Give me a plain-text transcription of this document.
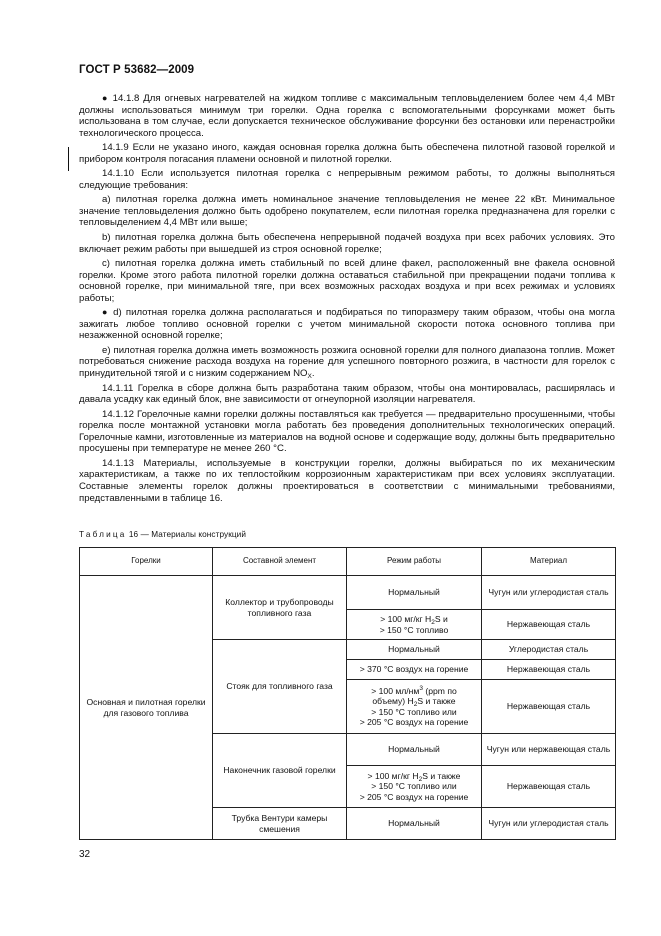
ГОСТ Р 53682—2009

● 14.1.8 Для огневых нагревателей на жидком топливе с максимальным тепловыделением более чем 4,4 МВт должны использоваться минимум три горелки. Одна горелка с вспомогательными форсунками может быть использована в том случае, если допускается техническое обслуживание форсунки без остановки или перенастройки технологического процесса.

14.1.9 Если не указано иного, каждая основная горелка должна быть обеспечена пилотной газовой горелкой и прибором контроля погасания пламени основной и пилотной горелки.

14.1.10 Если используется пилотная горелка с непрерывным режимом работы, то должны выполняться следующие требования:

a) пилотная горелка должна иметь номинальное значение тепловыделения не менее 22 кВт. Минимальное значение тепловыделения должно быть одобрено покупателем, если пилотная горелка предназначена для горелки с тепловыделением 4,4 МВт или выше;

b) пилотная горелка должна быть обеспечена непрерывной подачей воздуха при всех рабочих условиях. Это включает режим работы при вышедшей из строя основной горелке;

c) пилотная горелка должна иметь стабильный по всей длине факел, расположенный вне факела основной горелки. Кроме этого работа пилотной горелки должна оставаться стабильной при прекращении подачи топлива к основной горелке, при минимальной тяге, при всех возможных расходах воздуха и при всех режимах и условиях работы;

● d) пилотная горелка должна располагаться и подбираться по типоразмеру таким образом, чтобы она могла зажигать любое топливо основной горелки с учетом минимальной скорости потока основного топлива при незажженной основной горелке;

e) пилотная горелка должна иметь возможность розжига основной горелки для полного диапазона топлив. Может потребоваться снижение расхода воздуха на горение для успешного повторного розжига, в частности для горелок с принудительной тягой и с низким содержанием $NO_X$.

14.1.11 Горелка в сборе должна быть разработана таким образом, чтобы она монтировалась, расширялась и давала усадку как единый блок, вне зависимости от огнеупорной изоляции нагревателя.

14.1.12 Горелочные камни горелки должны поставляться как требуется — предварительно просушенными, чтобы горелка после монтажной установки могла работать без проведения дополнительных технологических операций. Горелочные камни, изготовленные из материалов на водной основе и содержащие воду, должны быть предварительно просушены при температуре не менее 260 °С.

14.1.13 Материалы, используемые в конструкции горелки, должны выбираться по их механическим характеристикам, а также по их теплостойким коррозионным характеристикам при всех условиях эксплуатации. Составные элементы горелок должны проектироваться в соответствии с минимальными требованиями, представленными в таблице 16.

Таблица 16 — Материалы конструкций
Горелки	Составной элемент	Режим работы	Материал
Основная и пилотная горелки для газового топлива	Коллектор и трубопроводы топливного газа	Нормальный	Чугун или углеродистая сталь
		> 100 мг/кг $H_2S$ и
> 150 °С топливо	Нержавеющая сталь
	Стояк для топливного газа	Нормальный	Углеродистая сталь
		> 370 °С воздух на горение	Нержавеющая сталь
		> 100 $мл/нм^3$ (ppm по
объему) $H_2S$ и также
> 150 °С топливо или
> 205 °С воздух на горение	Нержавеющая сталь
	Наконечник газовой горелки	Нормальный	Чугун или нержавеющая сталь
		> 100 мг/кг $H_2S$ и также
> 150 °С топливо или
> 205 °С воздух на горение	Нержавеющая сталь
	Трубка Вентури камеры смешения	Нормальный	Чугун или углеродистая сталь
32
